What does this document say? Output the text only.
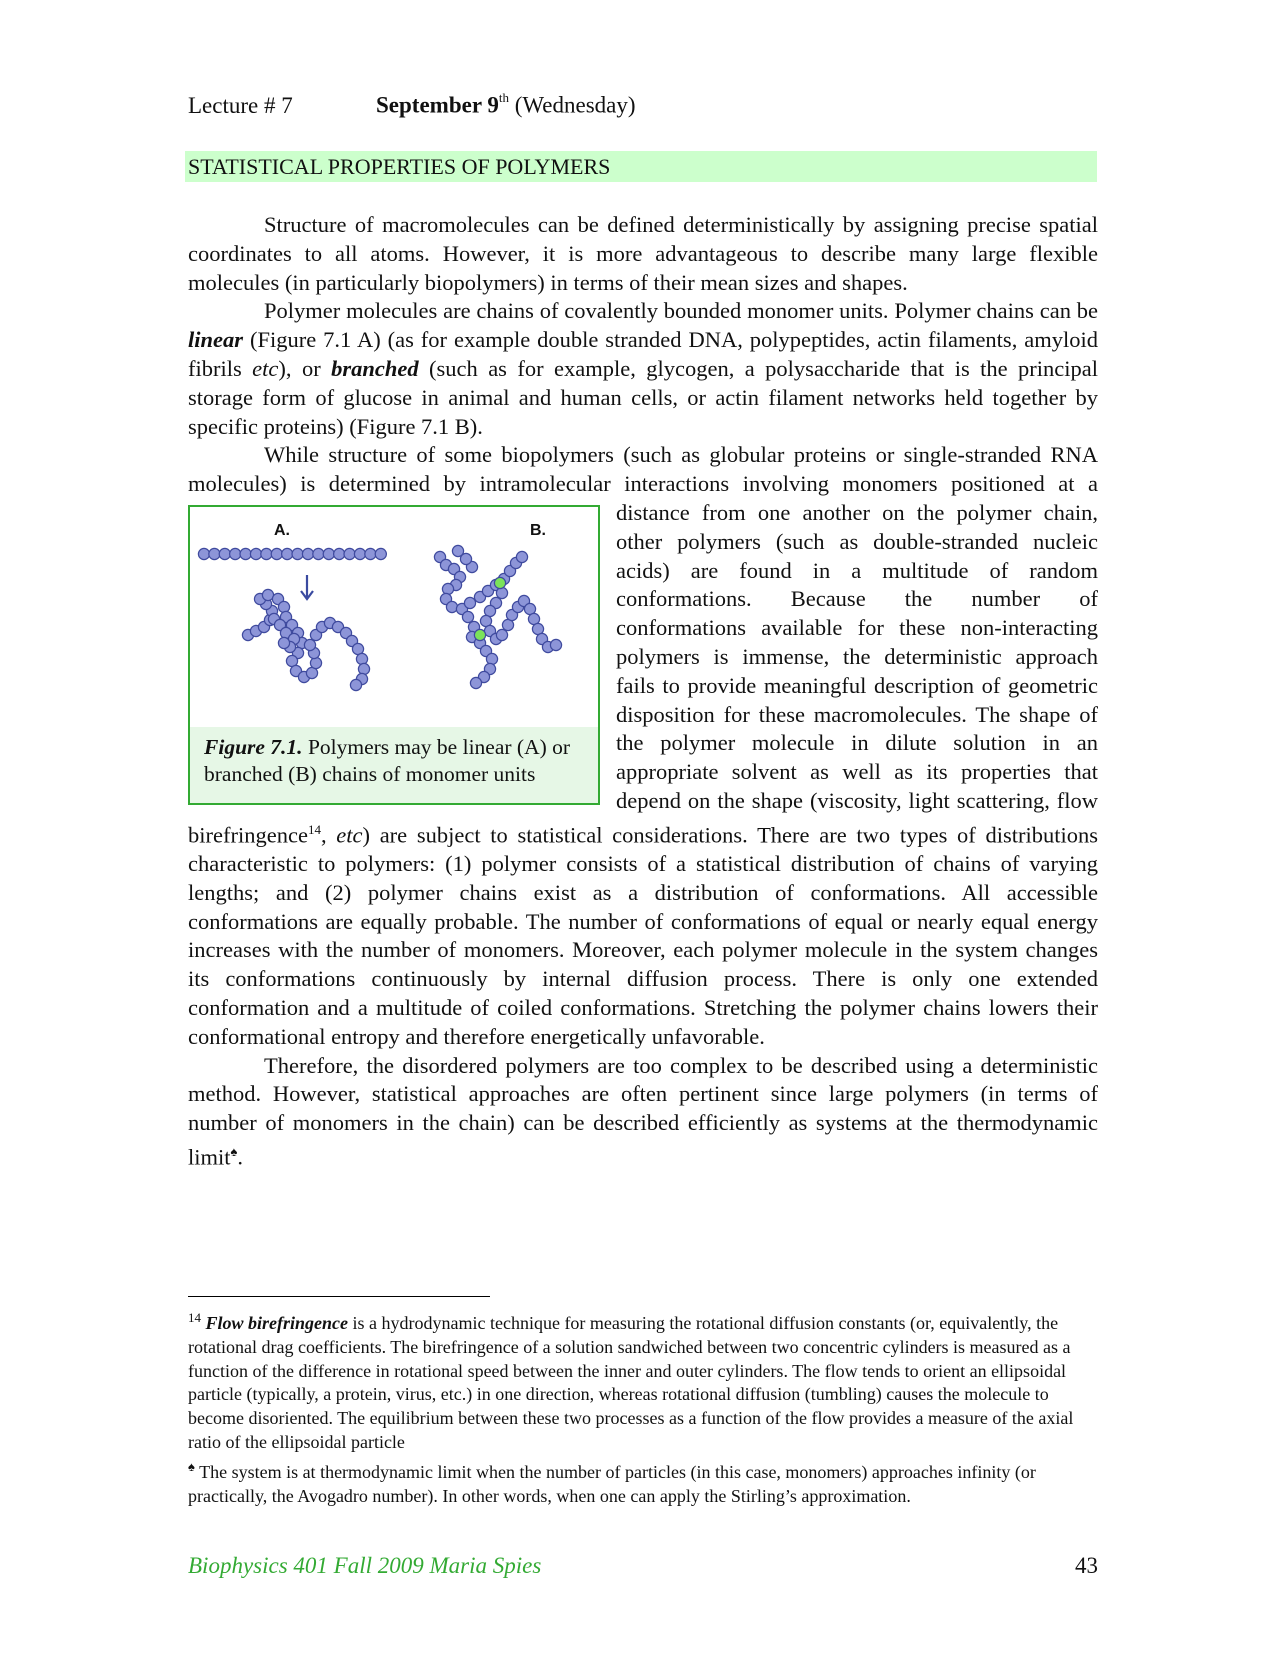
Lecture # 7	September 9th (Wednesday)
STATISTICAL PROPERTIES OF POLYMERS

Structure of macromolecules can be defined deterministically by assigning precise spatial coordinates to all atoms. However, it is more advantageous to describe many large flexible molecules (in particularly biopolymers) in terms of their mean sizes and shapes.

Polymer molecules are chains of covalently bounded monomer units. Polymer chains can be linear (Figure 7.1 A) (as for example double stranded DNA, polypeptides, actin filaments, amyloid fibrils etc), or branched (such as for example, glycogen, a polysaccharide that is the principal storage form of glucose in animal and human cells, or actin filament networks held together by specific proteins) (Figure 7.1 B).

While structure of some biopolymers (such as globular proteins or single-stranded RNA molecules) is determined by intramolecular interactions involving monomers
A.	B.
Figure 7.1. Polymers may be linear (A) or branched (B) chains of monomer units
positioned at a distance from one another on the polymer chain, other polymers (such as double-stranded nucleic acids) are found in a multitude of random conformations. Because the number of conformations available for these non-interacting polymers is immense, the deterministic approach fails to provide meaningful description of geometric disposition for these macromolecules. The shape of the polymer molecule in dilute solution in an appropriate solvent as well as its properties that depend on the shape (viscosity, light scattering, flow birefringence$^{14}$, etc) are subject to statistical considerations. There are two types of distributions characteristic to polymers: (1) polymer consists of a statistical distribution of chains of varying lengths; and (2) polymer chains exist as a distribution of conformations. All accessible conformations are equally probable. The number of conformations of equal or nearly equal energy increases with the number of monomers. Moreover, each polymer molecule in the system changes its conformations continuously by internal diffusion process. There is only one extended conformation and a multitude of coiled conformations. Stretching the polymer chains lowers their conformational entropy and therefore energetically unfavorable.

Therefore, the disordered polymers are too complex to be described using a deterministic method. However, statistical approaches are often pertinent since large polymers (in terms of number of monomers in the chain) can be described efficiently as systems at the thermodynamic limit♠.

$^{14}$ Flow birefringence is a hydrodynamic technique for measuring the rotational diffusion constants (or, equivalently, the rotational drag coefficients. The birefringence of a solution sandwiched between two concentric cylinders is measured as a function of the difference in rotational speed between the inner and outer cylinders. The flow tends to orient an ellipsoidal particle (typically, a protein, virus, etc.) in one direction, whereas rotational diffusion (tumbling) causes the molecule to become disoriented. The equilibrium between these two processes as a function of the flow provides a measure of the axial ratio of the ellipsoidal particle

♠ The system is at thermodynamic limit when the number of particles (in this case, monomers) approaches infinity (or practically, the Avogadro number). In other words, when one can apply the Stirling’s approximation.

Biophysics 401 Fall 2009 Maria Spies	43
